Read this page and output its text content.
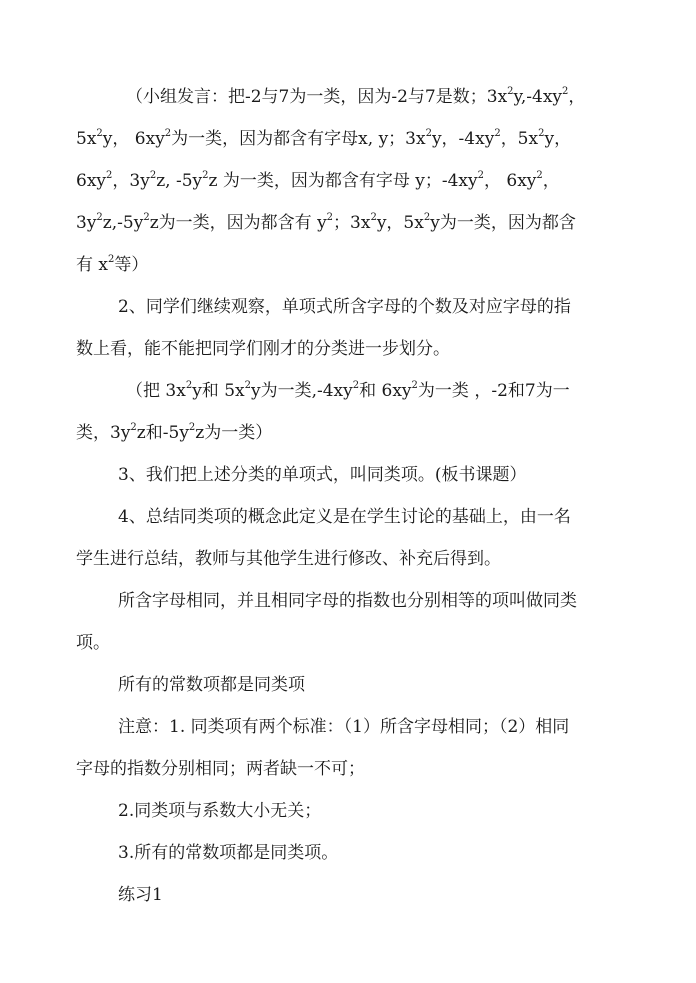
（小组发言：把-2与7为一类，因为-2与7是数；$3x^2y,-4xy^2$，
$5x^2y$， $6xy^2$为一类，因为都含有字母x, y；$3x^2y$，$-4xy^2$，$5x^2y$，
$6xy^2$，$3y^2z$, $-5y^2z$ 为一类，因为都含有字母 y；$-4xy^2$， $6xy^2$，
$3y^2z,-5y^2z$为一类，因为都含有 $y^2$；$3x^2y$，$5x^2y$为一类，因为都含
有 $x^2$等）
2、同学们继续观察，单项式所含字母的个数及对应字母的指
数上看，能不能把同学们刚才的分类进一步划分。
（把 $3x^2y$和 $5x^2y$为一类$,-4xy^2$和 $6xy^2$为一类 ，-2和7为一
类，$3y^2z$和$-5y^2z$为一类）
3、我们把上述分类的单项式，叫同类项。(板书课题）
4、总结同类项的概念此定义是在学生讨论的基础上，由一名
学生进行总结，教师与其他学生进行修改、补充后得到。
所含字母相同，并且相同字母的指数也分别相等的项叫做同类
项。
所有的常数项都是同类项
注意：1. 同类项有两个标准：（1）所含字母相同；（2）相同
字母的指数分别相同；两者缺一不可；
2.同类项与系数大小无关；
3.所有的常数项都是同类项。
练习1
